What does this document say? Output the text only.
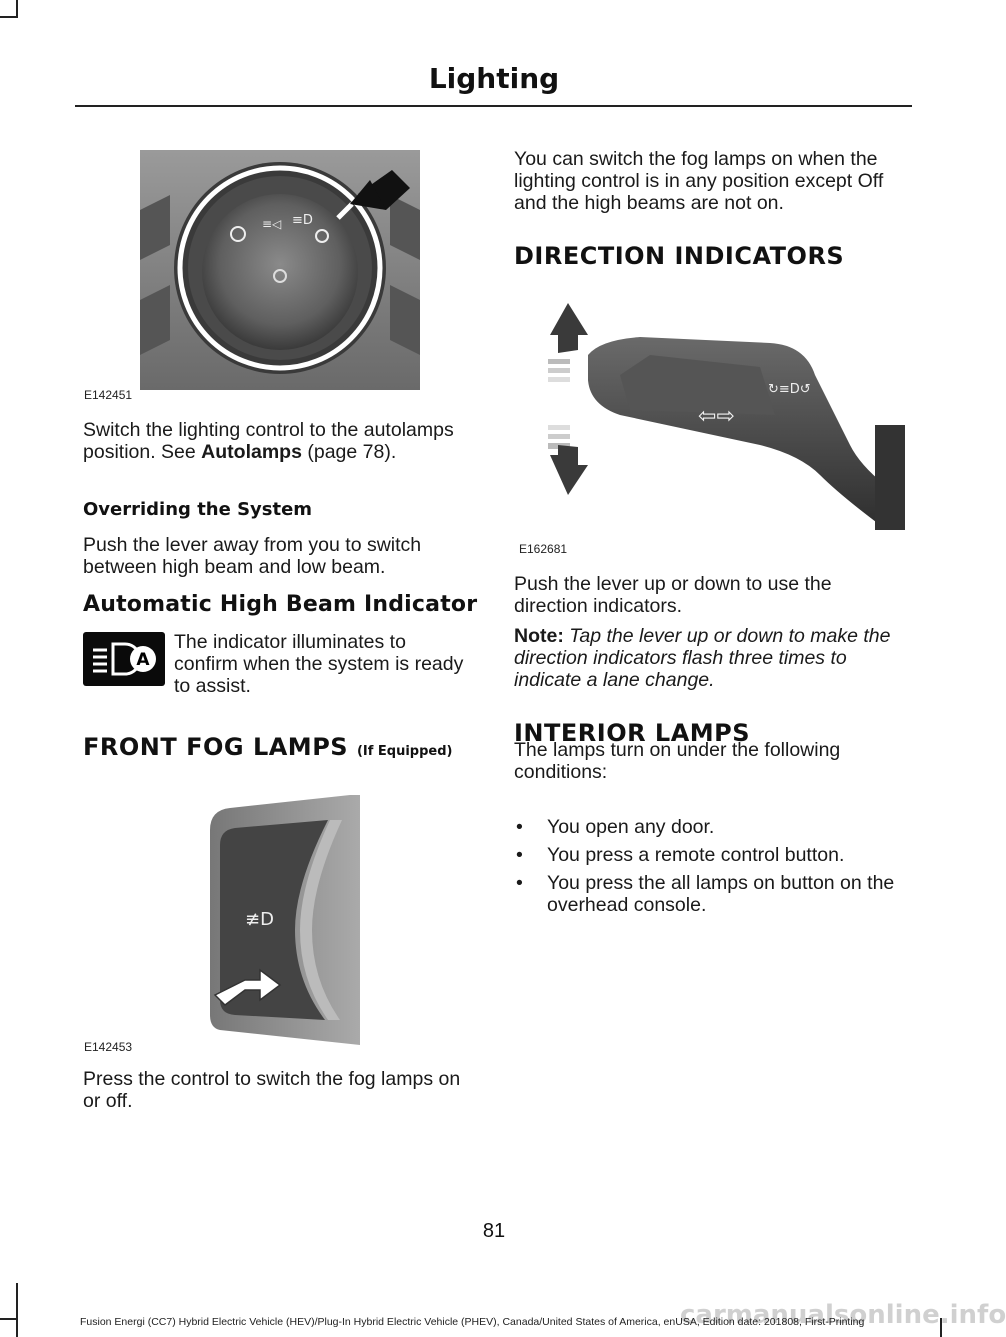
Lighting
≡◁ ≡D
E142451
Switch the lighting control to the autolamps position. See Autolamps (page 78).
Overriding the System
Push the lever away from you to switch between high beam and low beam.
Automatic High Beam Indicator
A
The indicator illuminates to confirm when the system is ready to assist.
FRONT FOG LAMPS (If Equipped)
≢D
E142453
Press the control to switch the fog lamps on or off.
You can switch the fog lamps on when the lighting control is in any position except Off and the high beams are not on.
DIRECTION INDICATORS
⇦⇨
↻≡D↺
E162681
Push the lever up or down to use the direction indicators.
Note: Tap the lever up or down to make the direction indicators flash three times to indicate a lane change.
INTERIOR LAMPS
The lamps turn on under the following conditions:
• You open any door.
• You press a remote control button.
• You press the all lamps on button on the overhead console.
81
carmanualsonline.info
Fusion Energi (CC7) Hybrid Electric Vehicle (HEV)/Plug-In Hybrid Electric Vehicle (PHEV), Canada/United States of America, enUSA, Edition date: 201808, First-Printing
